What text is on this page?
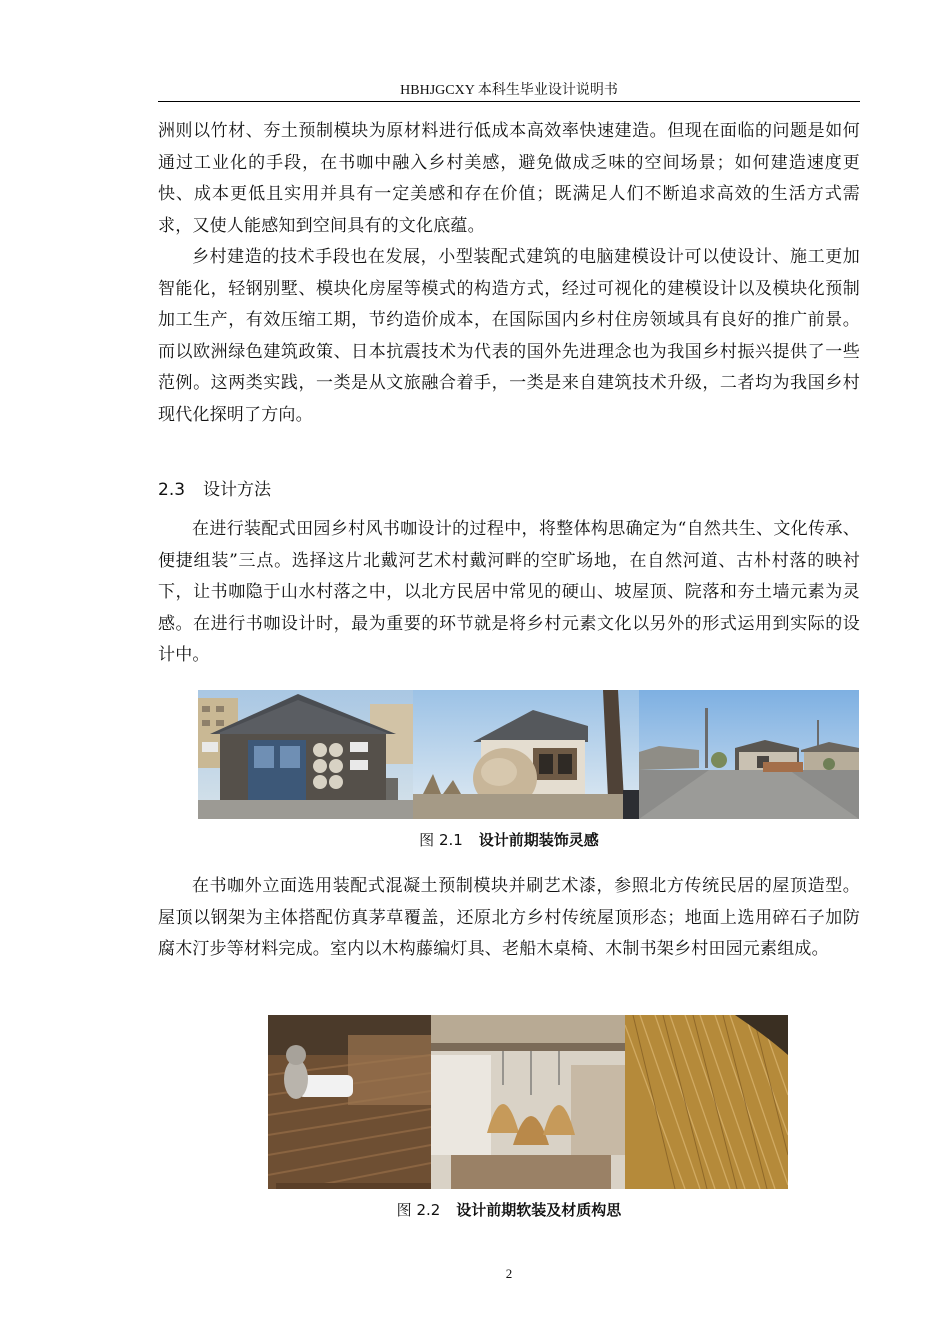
HBHJGCXY 本科生毕业设计说明书

洲则以竹材、夯土预制模块为原材料进行低成本高效率快速建造。但现在面临的问题是如何通过工业化的手段，在书咖中融入乡村美感，避免做成乏味的空间场景；如何建造速度更快、成本更低且实用并具有一定美感和存在价值；既满足人们不断追求高效的生活方式需求，又使人能感知到空间具有的文化底蕴。

乡村建造的技术手段也在发展，小型装配式建筑的电脑建模设计可以使设计、施工更加智能化，轻钢别墅、模块化房屋等模式的构造方式，经过可视化的建模设计以及模块化预制加工生产，有效压缩工期，节约造价成本，在国际国内乡村住房领域具有良好的推广前景。而以欧洲绿色建筑政策、日本抗震技术为代表的国外先进理念也为我国乡村振兴提供了一些范例。这两类实践，一类是从文旅融合着手，一类是来自建筑技术升级，二者均为我国乡村现代化探明了方向。

2.3 设计方法

在进行装配式田园乡村风书咖设计的过程中，将整体构思确定为“自然共生、文化传承、便捷组装”三点。选择这片北戴河艺术村戴河畔的空旷场地，在自然河道、古朴村落的映衬下，让书咖隐于山水村落之中，以北方民居中常见的硬山、坡屋顶、院落和夯土墙元素为灵感。在进行书咖设计时，最为重要的环节就是将乡村元素文化以另外的形式运用到实际的设计中。

图 2.1 设计前期装饰灵感

在书咖外立面选用装配式混凝土预制模块并刷艺术漆，参照北方传统民居的屋顶造型。屋顶以钢架为主体搭配仿真茅草覆盖，还原北方乡村传统屋顶形态；地面上选用碎石子加防腐木汀步等材料完成。室内以木构藤编灯具、老船木桌椅、木制书架乡村田园元素组成。

图 2.2 设计前期软装及材质构思
2
